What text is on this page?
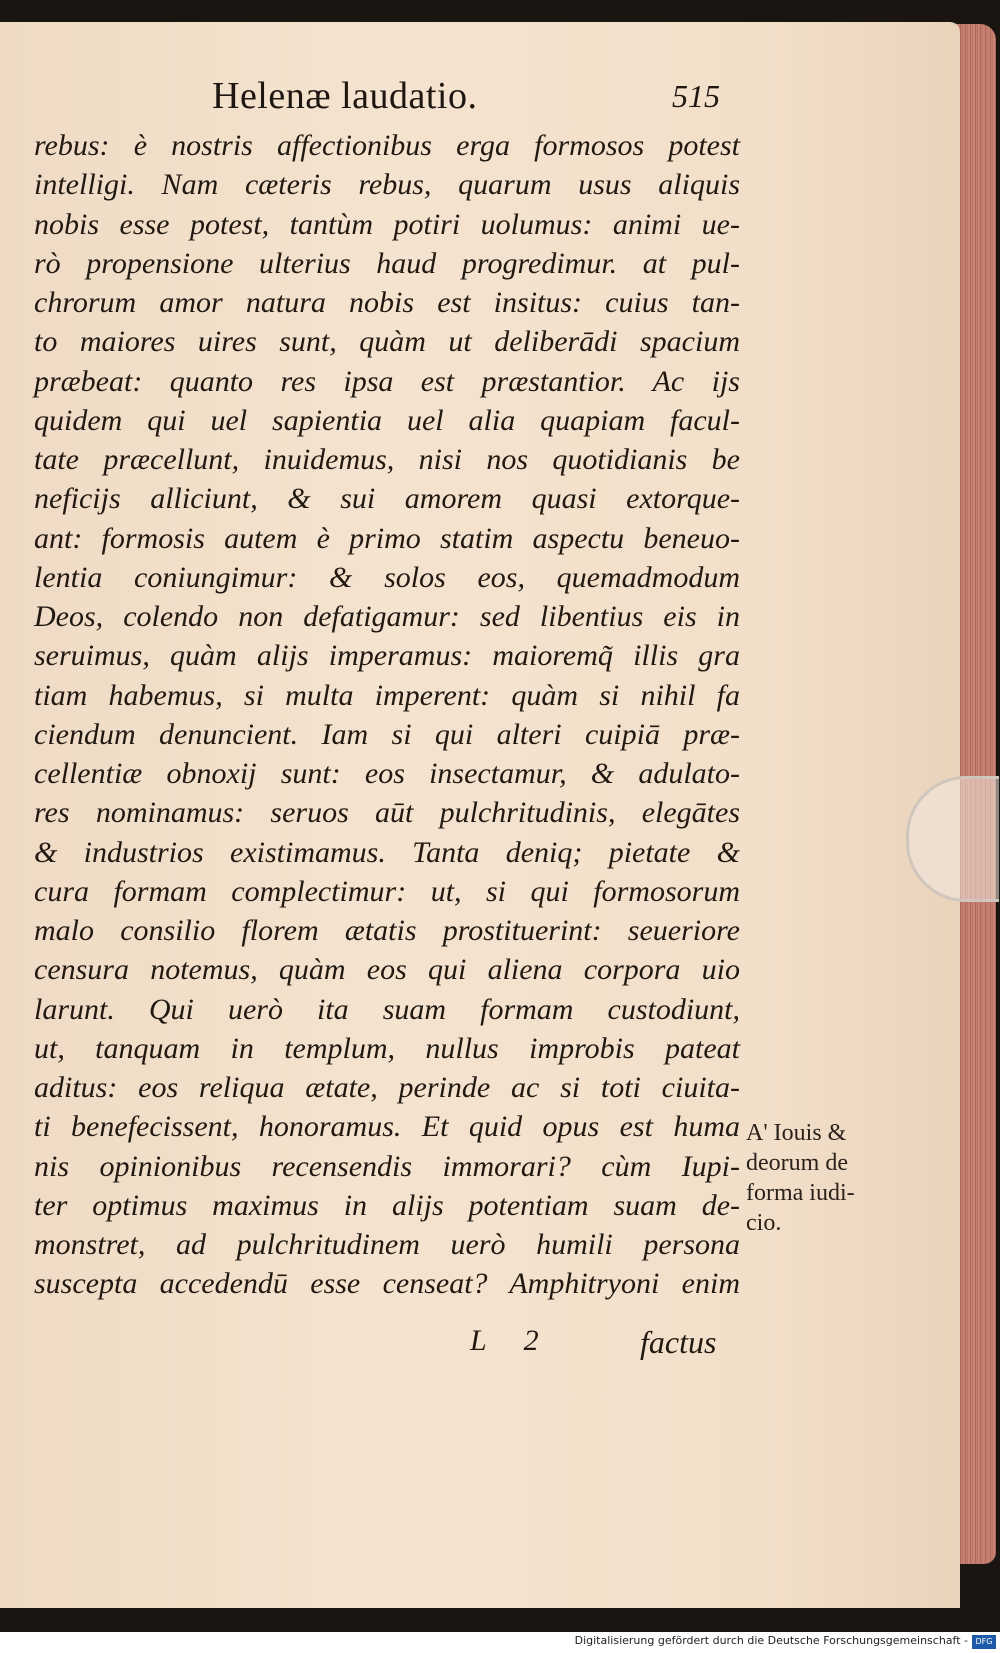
Helenæ laudatio.	515
rebus: è nostris affectionibus erga formosos potest
intelligi. Nam cæteris rebus, quarum usus aliquis
nobis esse potest, tantùm potiri uolumus: animi ue-
rò propensione ulterius haud progredimur. at pul-
chrorum amor natura nobis est insitus: cuius tan-
to maiores uires sunt, quàm ut deliberādi spacium
præbeat: quanto res ipsa est præstantior. Ac ijs
quidem qui uel sapientia uel alia quapiam facul-
tate præcellunt, inuidemus, nisi nos quotidianis be
neficijs alliciunt, & sui amorem quasi extorque-
ant: formosis autem è primo statim aspectu beneuo-
lentia coniungimur: & solos eos, quemadmodum
Deos, colendo non defatigamur: sed libentius eis in
seruimus, quàm alijs imperamus: maioremq̃ illis gra
tiam habemus, si multa imperent: quàm si nihil fa
ciendum denuncient. Iam si qui alteri cuipiā præ-
cellentiæ obnoxij sunt: eos insectamur, & adulato-
res nominamus: seruos aūt pulchritudinis, elegātes
& industrios existimamus. Tanta deniq; pietate &
cura formam complectimur: ut, si qui formosorum
malo consilio florem ætatis prostituerint: seueriore
censura notemus, quàm eos qui aliena corpora uio
larunt. Qui uerò ita suam formam custodiunt,
ut, tanquam in templum, nullus improbis pateat
aditus: eos reliqua ætate, perinde ac si toti ciuita-
ti benefecissent, honoramus. Et quid opus est huma
nis opinionibus recensendis immorari? cùm Iupi-
ter optimus maximus in alijs potentiam suam de-
monstret, ad pulchritudinem uerò humili persona
suscepta accedendū esse censeat? Amphitryoni enim
L 2	factus
A' Iouis &
deorum de
forma iudi-
cio.
Digitalisierung gefördert durch die Deutsche Forschungsgemeinschaft - DFG
